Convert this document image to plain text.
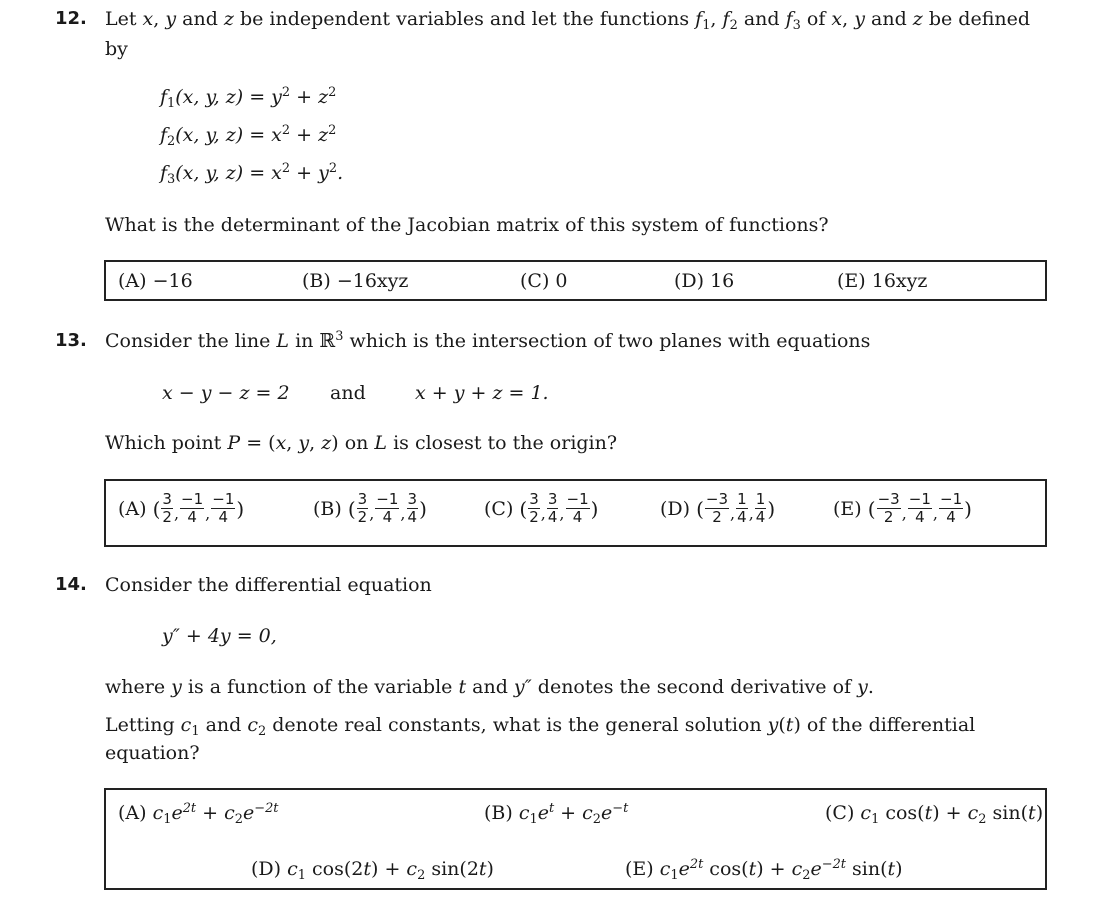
12. Let x, y and z be independent variables and let the functions $f_1$, $f_2$ and $f_3$ of x, y and z be defined
by
$f_1(x$, y, $z) = y^2 + z^2$
$f_2(x$, y, $z) = x^2 + z^2$
$f_3(x$, y, $z) = x^2 + y^2$.
What is the determinant of the Jacobian matrix of this system of functions?
(A) −16	(B) −16xyz	(C) 0	(D) 16	(E) 16xyz
13. Consider the line L in ℝ$^3$ which is the intersection of two planes with equations
x − y − z = 2 and	x + y + z = 1.
Which point P = (x, y, z) on L is closest to the origin?
(A)
( $\frac{3}{2}$ , $\frac{-1}{4}$ , $\frac{-1}{4}$ )	(B)
( $\frac{3}{2}$ , $\frac{-1}{4}$ , $\frac{3}{4}$ )	(C)
( $\frac{3}{2}$ , $\frac{3}{4}$ , $\frac{-1}{4}$ )	(D)
( $\frac{-3}{2}$ , $\frac{1}{4}$ , $\frac{1}{4}$ )	(E)
( $\frac{-3}{2}$ , $\frac{-1}{4}$ , $\frac{-1}{4}$ )
14. Consider the differential equation
y″ + 4y = 0,
where y is a function of the variable t and y″ denotes the second derivative of y.
Letting $c_1$ and $c_2$ denote real constants, what is the general solution y(t) of the differential
equation?
(A) $c_1e^{2t} + c_2e^{-2t}$	(B) $c_1e^t + c_2e^{-t}$	(C) $c_1$ $\cos(t) + c_2$ sin(t)
(D) $c_1$ $\cos(2t) + c_2$ sin(2t)	(E) $c_1e^{2t}$ $\cos(t) + c_2e^{-2t}$ sin(t)
